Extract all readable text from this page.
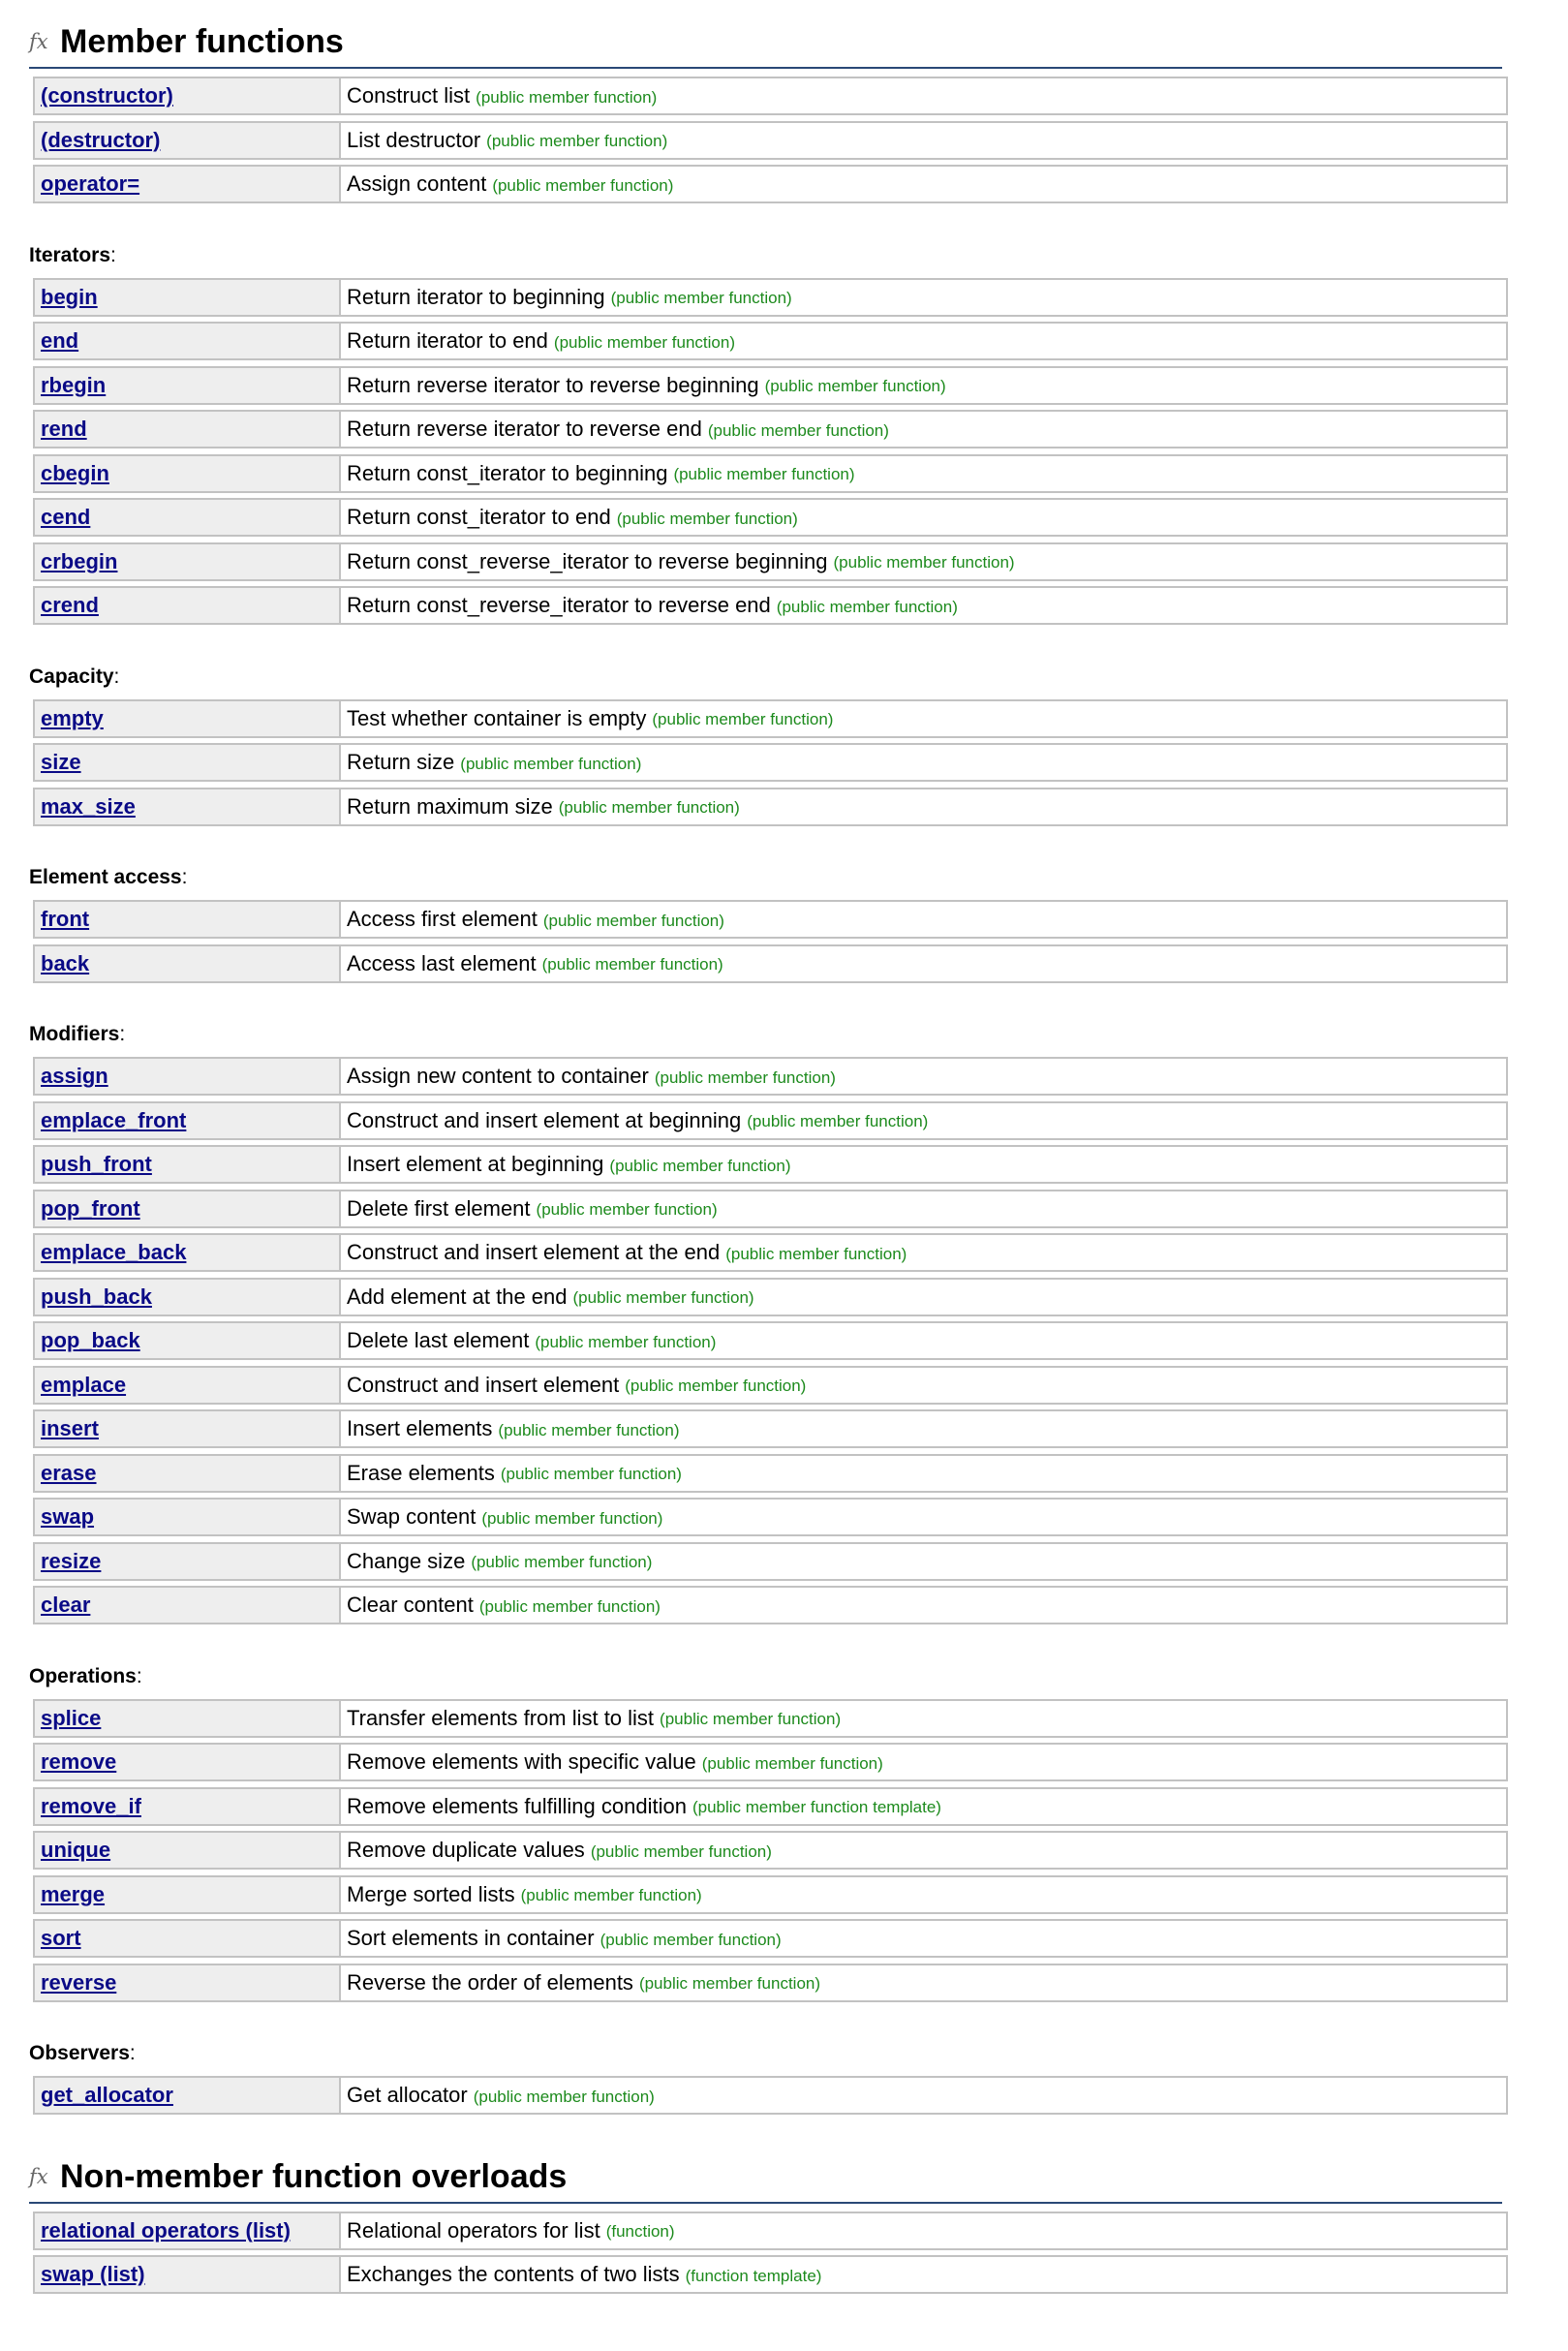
fx Member functions
(constructor)	Construct list (public member function)
(destructor)	List destructor (public member function)
operator=	Assign content (public member function)
Iterators:
begin	Return iterator to beginning (public member function)
end	Return iterator to end (public member function)
rbegin	Return reverse iterator to reverse beginning (public member function)
rend	Return reverse iterator to reverse end (public member function)
cbegin	Return const_iterator to beginning (public member function)
cend	Return const_iterator to end (public member function)
crbegin	Return const_reverse_iterator to reverse beginning (public member function)
crend	Return const_reverse_iterator to reverse end (public member function)
Capacity:
empty	Test whether container is empty (public member function)
size	Return size (public member function)
max_size	Return maximum size (public member function)
Element access:
front	Access first element (public member function)
back	Access last element (public member function)
Modifiers:
assign	Assign new content to container (public member function)
emplace_front	Construct and insert element at beginning (public member function)
push_front	Insert element at beginning (public member function)
pop_front	Delete first element (public member function)
emplace_back	Construct and insert element at the end (public member function)
push_back	Add element at the end (public member function)
pop_back	Delete last element (public member function)
emplace	Construct and insert element (public member function)
insert	Insert elements (public member function)
erase	Erase elements (public member function)
swap	Swap content (public member function)
resize	Change size (public member function)
clear	Clear content (public member function)
Operations:
splice	Transfer elements from list to list (public member function)
remove	Remove elements with specific value (public member function)
remove_if	Remove elements fulfilling condition (public member function template)
unique	Remove duplicate values (public member function)
merge	Merge sorted lists (public member function)
sort	Sort elements in container (public member function)
reverse	Reverse the order of elements (public member function)
Observers:
get_allocator	Get allocator (public member function)
fx Non-member function overloads
relational operators (list)	Relational operators for list (function)
swap (list)	Exchanges the contents of two lists (function template)
